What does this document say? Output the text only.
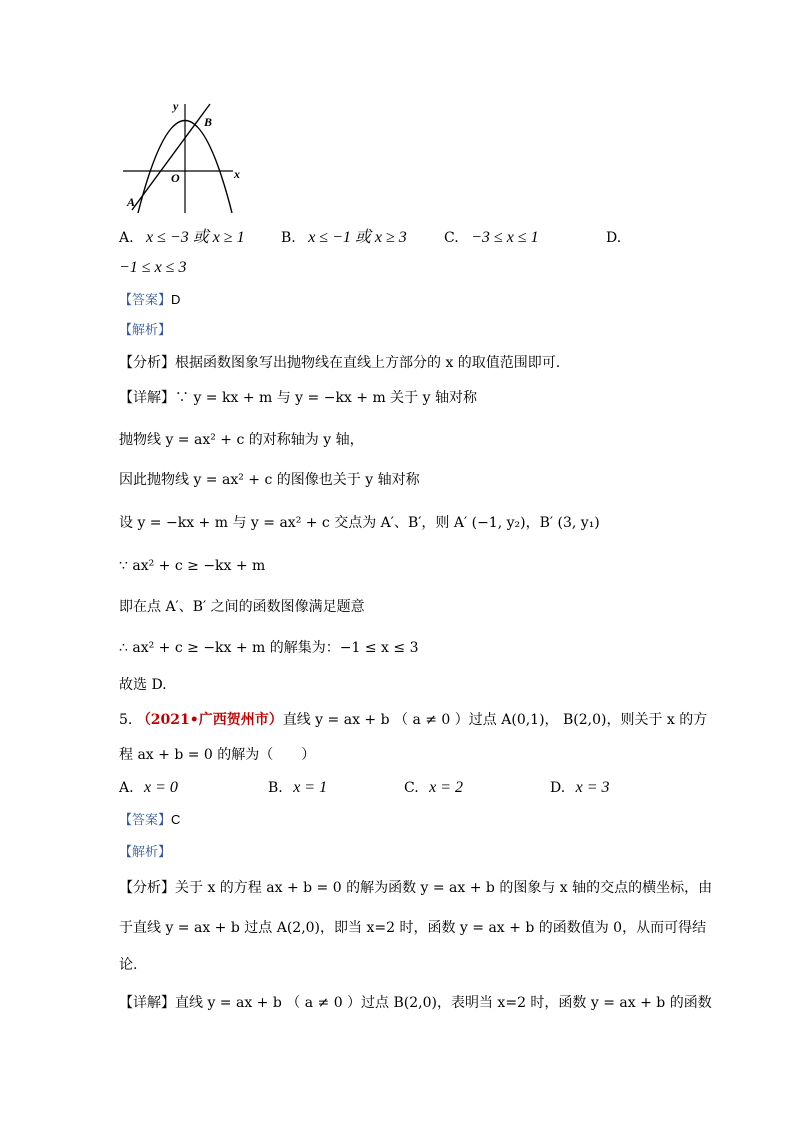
y
x
O
A
B
A. x ≤ −3 或 x ≥ 1	B. x ≤ −1 或 x ≥ 3	C. −3 ≤ x ≤ 1	D.
−1 ≤ x ≤ 3
【答案】D
【解析】
【分析】根据函数图象写出抛物线在直线上方部分的 x 的取值范围即可.
【详解】∵ y = kx + m 与 y = −kx + m 关于 y 轴对称
抛物线 y = ax² + c 的对称轴为 y 轴，
因此抛物线 y = ax² + c 的图像也关于 y 轴对称
设 y = −kx + m 与 y = ax² + c 交点为 A′、B′，则 A′ (−1, y₂)，B′ (3, y₁)
∵ ax² + c ≥ −kx + m
即在点 A′、B′ 之间的函数图像满足题意
∴ ax² + c ≥ −kx + m 的解集为：−1 ≤ x ≤ 3
故选 D.
5. （2021•广西贺州市）直线 y = ax + b （ a ≠ 0 ）过点 A(0,1)， B(2,0)，则关于 x 的方
程 ax + b = 0 的解为（　　）
A. x = 0	B. x = 1	C. x = 2	D. x = 3
【答案】C
【解析】
【分析】关于 x 的方程 ax + b = 0 的解为函数 y = ax + b 的图象与 x 轴的交点的横坐标，由
于直线 y = ax + b 过点 A(2,0)，即当 x=2 时，函数 y = ax + b 的函数值为 0，从而可得结
论.
【详解】直线 y = ax + b （ a ≠ 0 ）过点 B(2,0)，表明当 x=2 时，函数 y = ax + b 的函数
